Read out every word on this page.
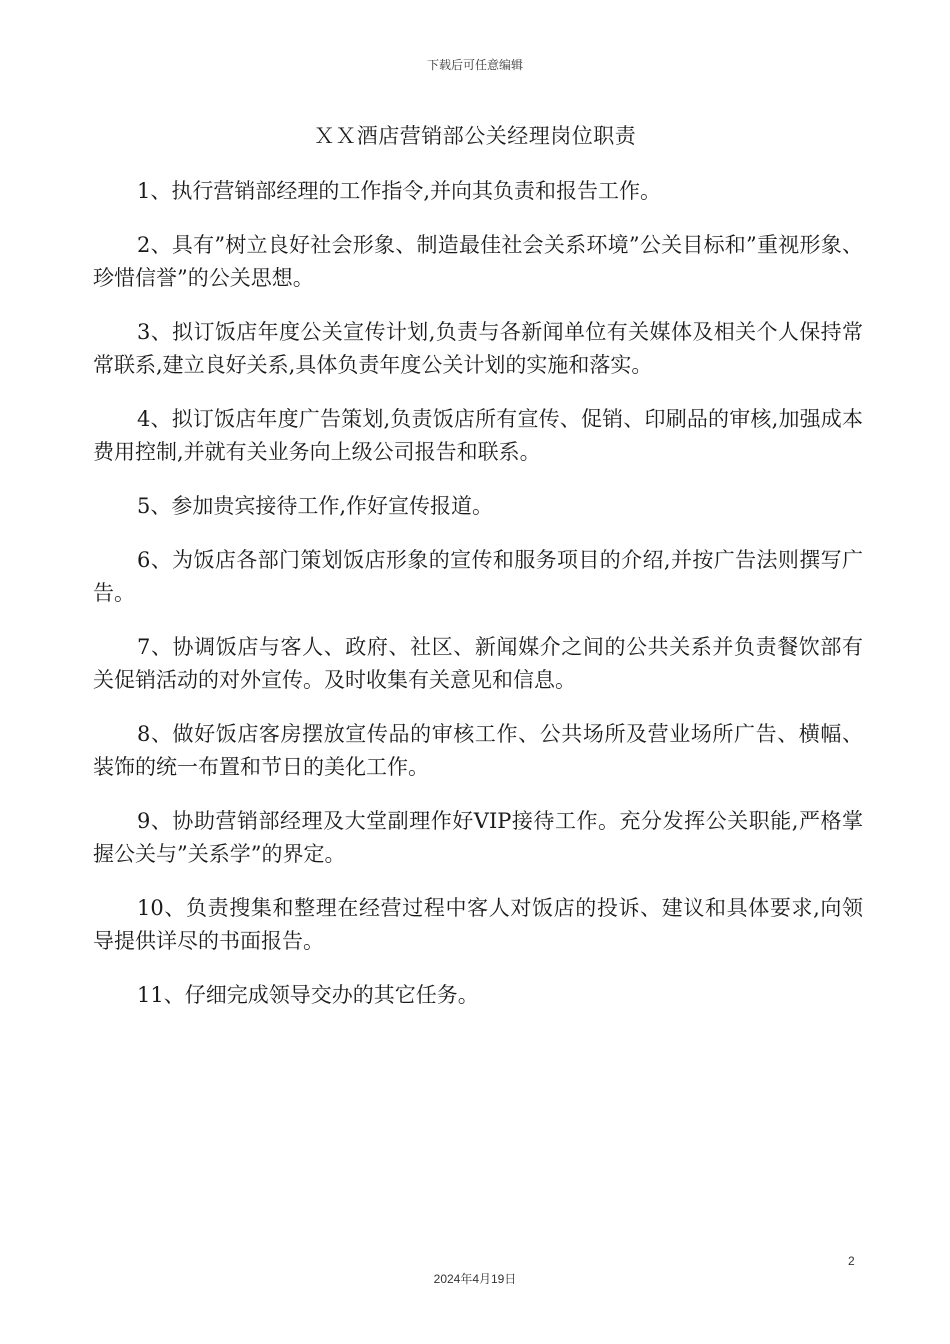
下载后可任意编辑
ＸＸ酒店营销部公关经理岗位职责

1、执行营销部经理的工作指令,并向其负责和报告工作。

2、具有”树立良好社会形象、制造最佳社会关系环境”公关目标和”重视形象、珍惜信誉”的公关思想。

3、拟订饭店年度公关宣传计划,负责与各新闻单位有关媒体及相关个人保持常常联系,建立良好关系,具体负责年度公关计划的实施和落实。

4、拟订饭店年度广告策划,负责饭店所有宣传、促销、印刷品的审核,加强成本费用控制,并就有关业务向上级公司报告和联系。

5、参加贵宾接待工作,作好宣传报道。

6、为饭店各部门策划饭店形象的宣传和服务项目的介绍,并按广告法则撰写广告。

7、协调饭店与客人、政府、社区、新闻媒介之间的公共关系并负责餐饮部有关促销活动的对外宣传。及时收集有关意见和信息。

8、做好饭店客房摆放宣传品的审核工作、公共场所及营业场所广告、横幅、装饰的统一布置和节日的美化工作。

9、协助营销部经理及大堂副理作好VIP接待工作。充分发挥公关职能,严格掌握公关与”关系学”的界定。

10、负责搜集和整理在经营过程中客人对饭店的投诉、建议和具体要求,向领导提供详尽的书面报告。

11、仔细完成领导交办的其它任务。

2
2024年4月19日
